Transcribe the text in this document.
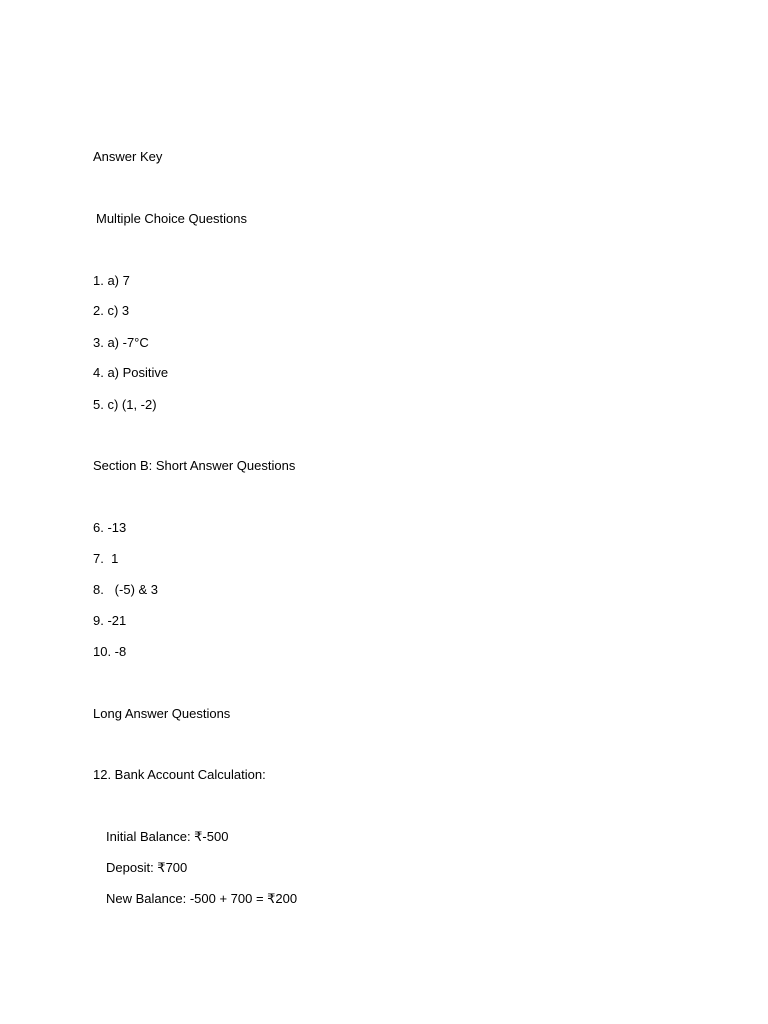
Answer Key
Multiple Choice Questions
1. a) 7
2. c) 3
3. a) -7°C
4. a) Positive
5. c) (1, -2)
Section B: Short Answer Questions
6. -13
7.  1
8.   (-5) & 3
9. -21
10. -8
Long Answer Questions
12. Bank Account Calculation:
Initial Balance: ₹-500
Deposit: ₹700
New Balance: -500 + 700 = ₹200
